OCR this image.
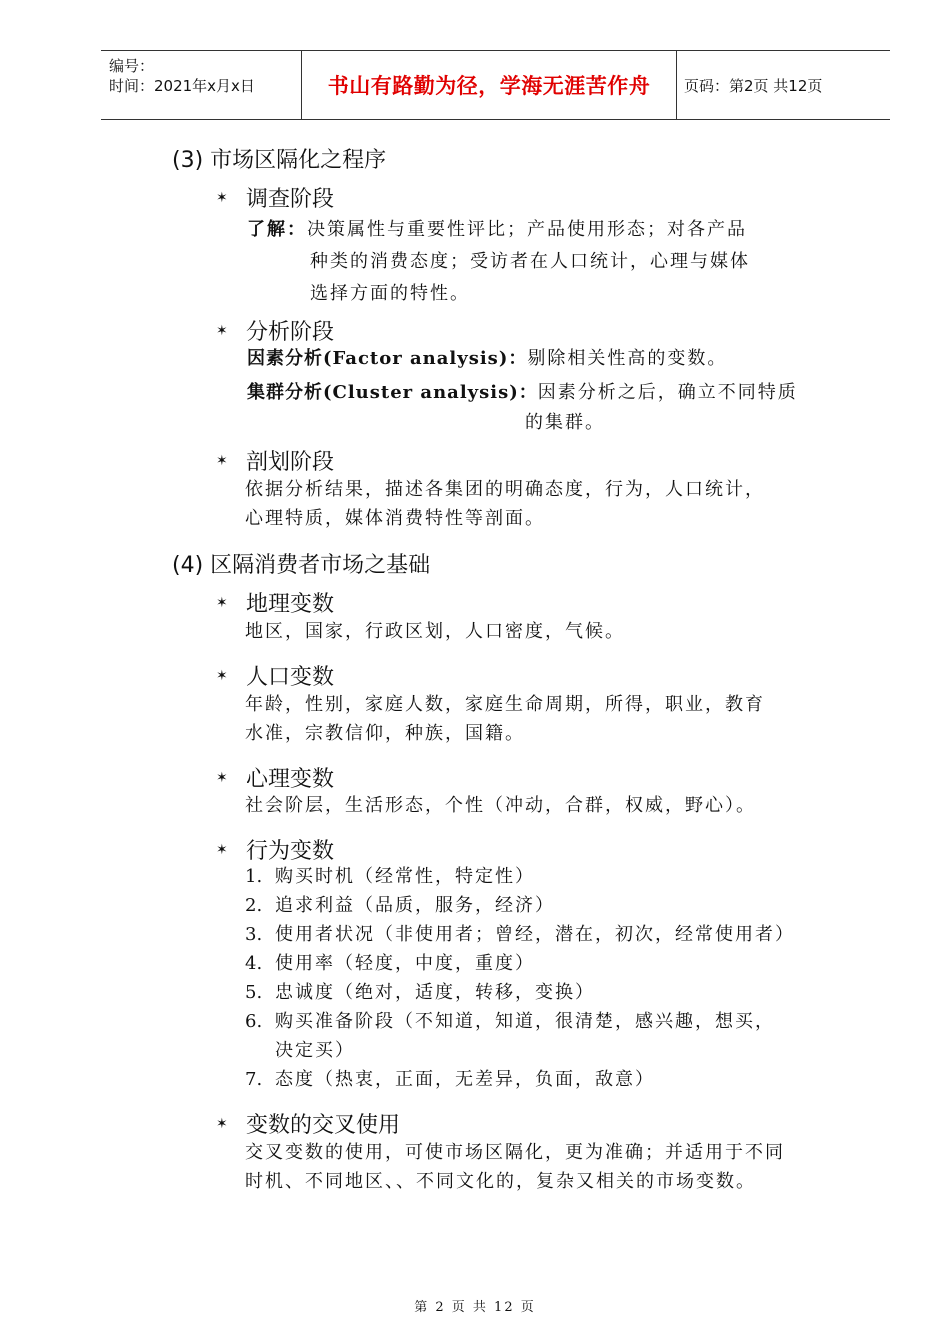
编号：
时间：2021年x月x日	书山有路勤为径，学海无涯苦作舟	页码：第2页 共12页
(3) 市场区隔化之程序
✶ 调查阶段
了解：决策属性与重要性评比；产品使用形态；对各产品
种类的消费态度；受访者在人口统计，心理与媒体
选择方面的特性。
✶ 分析阶段
因素分析(Factor analysis)：剔除相关性高的变数。
集群分析(Cluster analysis)：因素分析之后，确立不同特质
的集群。
✶ 剖划阶段
依据分析结果，描述各集团的明确态度，行为，人口统计，
心理特质，媒体消费特性等剖面。
(4) 区隔消费者市场之基础
✶ 地理变数
地区，国家，行政区划，人口密度，气候。
✶ 人口变数
年龄，性别，家庭人数，家庭生命周期，所得，职业，教育
水准，宗教信仰，种族，国籍。
✶ 心理变数
社会阶层，生活形态，个性（冲动，合群，权威，野心）。
✶ 行为变数
1. 购买时机（经常性，特定性）
2. 追求利益（品质，服务，经济）
3. 使用者状况（非使用者；曾经，潜在，初次，经常使用者）
4. 使用率（轻度，中度，重度）
5. 忠诚度（绝对，适度，转移，变换）
6. 购买准备阶段（不知道，知道，很清楚，感兴趣，想买，
决定买）
7. 态度（热衷，正面，无差异，负面，敌意）
✶ 变数的交叉使用
交叉变数的使用，可使市场区隔化，更为准确；并适用于不同
时机、不同地区、、不同文化的，复杂又相关的市场变数。
第 2 页 共 12 页
